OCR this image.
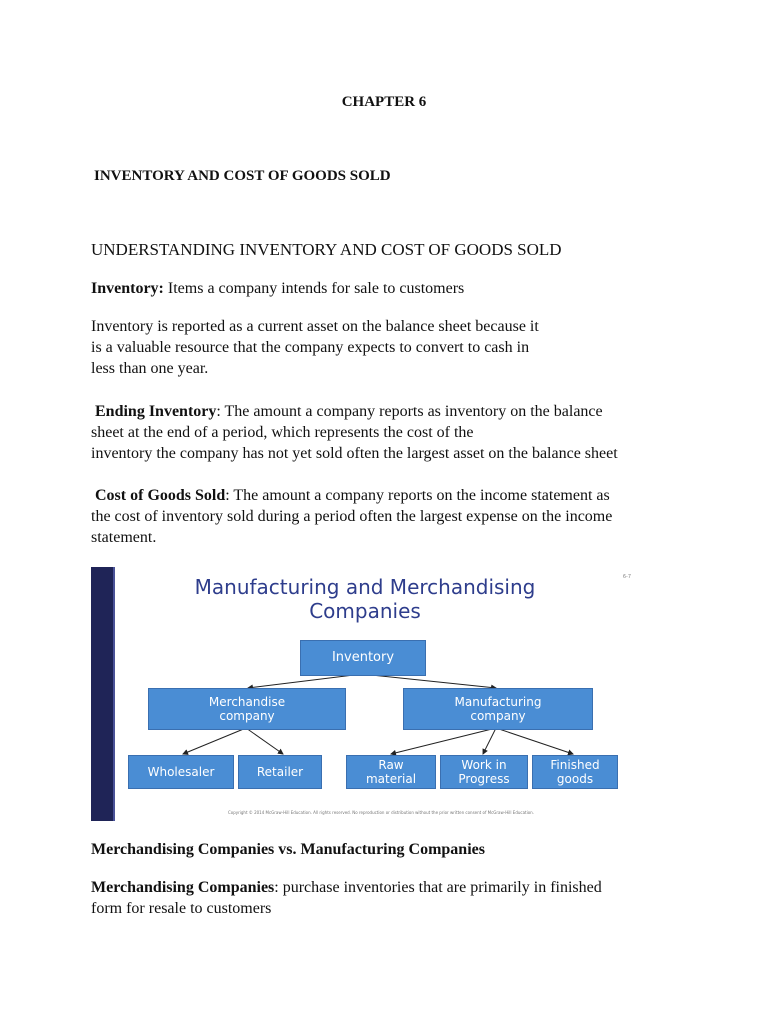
CHAPTER 6
INVENTORY AND COST OF GOODS SOLD
UNDERSTANDING INVENTORY AND COST OF GOODS SOLD

Inventory: Items a company intends for sale to customers

Inventory is reported as a current asset on the balance sheet because it
is a valuable resource that the company expects to convert to cash in
less than one year.

Ending Inventory: The amount a company reports as inventory on the balance
sheet at the end of a period, which represents the cost of the
inventory the company has not yet sold often the largest asset on the balance sheet

Cost of Goods Sold: The amount a company reports on the income statement as
the cost of inventory sold during a period often the largest expense on the income
statement.

6-7
Manufacturing and Merchandising
Companies
Inventory
Merchandise
company
Manufacturing
company
Wholesaler	Retailer	Raw
material
Work in
Progress
Finished
goods
Copyright © 2014 McGraw-Hill Education. All rights reserved. No reproduction or distribution without the prior written consent of McGraw-Hill Education.
Merchandising Companies vs. Manufacturing Companies

Merchandising Companies: purchase inventories that are primarily in finished
form for resale to customers
